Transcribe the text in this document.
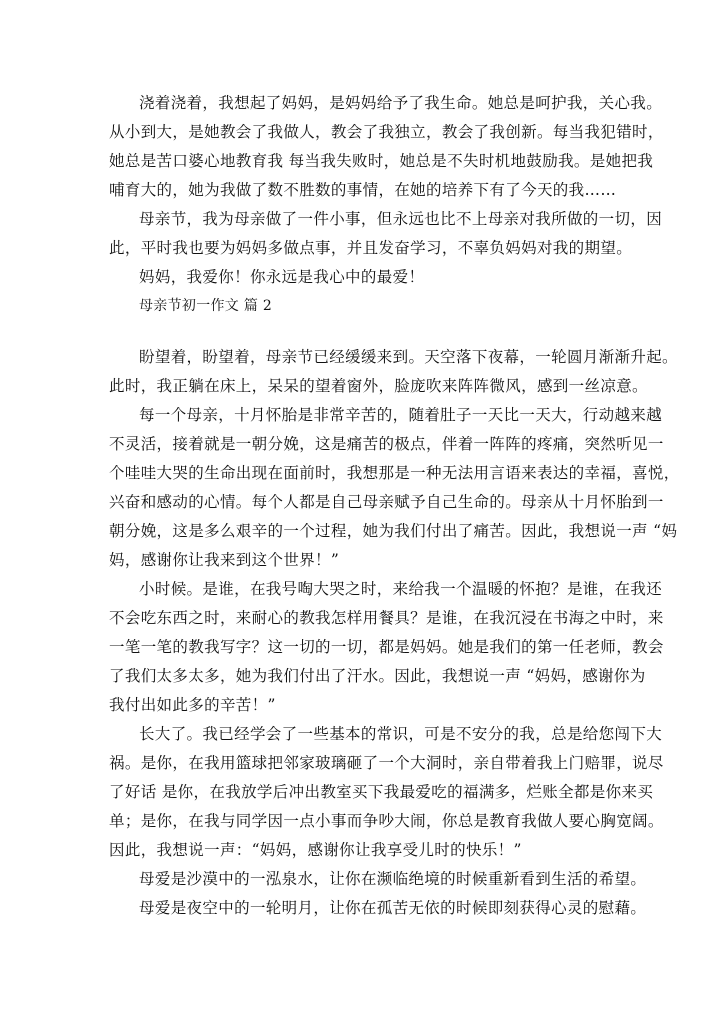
浇着浇着，我想起了妈妈，是妈妈给予了我生命。她总是呵护我，关心我。
从小到大，是她教会了我做人，教会了我独立，教会了我创新。每当我犯错时，
她总是苦口婆心地教育我 每当我失败时，她总是不失时机地鼓励我。是她把我
哺育大的，她为我做了数不胜数的事情，在她的培养下有了今天的我……
母亲节，我为母亲做了一件小事，但永远也比不上母亲对我所做的一切，因
此，平时我也要为妈妈多做点事，并且发奋学习，不辜负妈妈对我的期望。
妈妈，我爱你！你永远是我心中的最爱！
母亲节初一作文 篇 2
盼望着，盼望着，母亲节已经缓缓来到。天空落下夜幕，一轮圆月渐渐升起。
此时，我正躺在床上，呆呆的望着窗外，脸庞吹来阵阵微风，感到一丝凉意。
每一个母亲，十月怀胎是非常辛苦的，随着肚子一天比一天大，行动越来越
不灵活，接着就是一朝分娩，这是痛苦的极点，伴着一阵阵的疼痛，突然听见一
个哇哇大哭的生命出现在面前时，我想那是一种无法用言语来表达的幸福，喜悦，
兴奋和感动的心情。每个人都是自己母亲赋予自己生命的。母亲从十月怀胎到一
朝分娩，这是多么艰辛的一个过程，她为我们付出了痛苦。因此，我想说一声 “妈
妈，感谢你让我来到这个世界！”
小时候。是谁，在我号啕大哭之时，来给我一个温暖的怀抱？是谁，在我还
不会吃东西之时，来耐心的教我怎样用餐具？是谁，在我沉浸在书海之中时，来
一笔一笔的教我写字？这一切的一切，都是妈妈。她是我们的第一任老师，教会
了我们太多太多，她为我们付出了汗水。因此，我想说一声 “妈妈，感谢你为
我付出如此多的辛苦！”
长大了。我已经学会了一些基本的常识，可是不安分的我，总是给您闯下大
祸。是你，在我用篮球把邻家玻璃砸了一个大洞时，亲自带着我上门赔罪，说尽
了好话 是你，在我放学后冲出教室买下我最爱吃的福满多，烂账全都是你来买
单；是你，在我与同学因一点小事而争吵大闹，你总是教育我做人要心胸宽阔。
因此，我想说一声：“妈妈，感谢你让我享受儿时的快乐！”
母爱是沙漠中的一泓泉水，让你在濒临绝境的时候重新看到生活的希望。
母爱是夜空中的一轮明月，让你在孤苦无依的时候即刻获得心灵的慰藉。
